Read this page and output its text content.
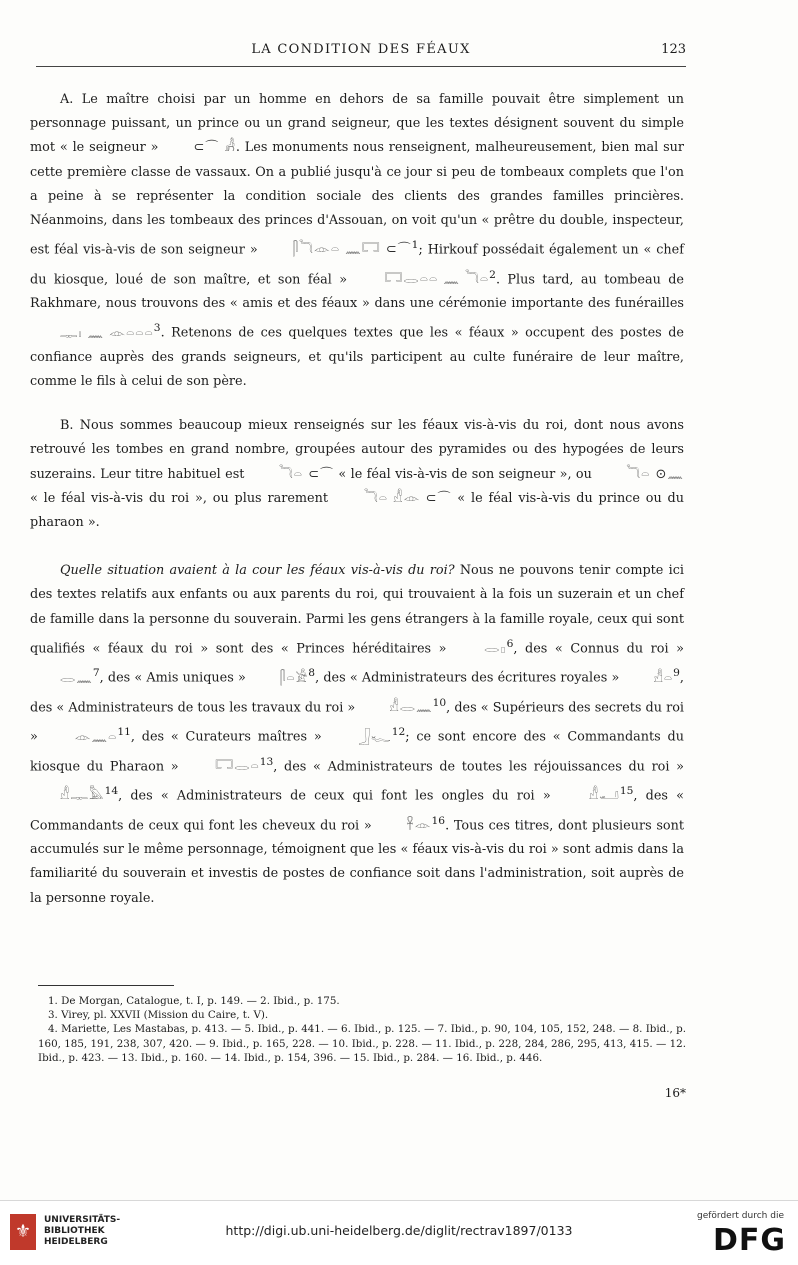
LA CONDITION DES FÉAUX	123

A. Le maître choisi par un homme en dehors de sa famille pouvait être simplement un personnage puissant, un prince ou un grand seigneur, que les textes désignent souvent du simple mot « le seigneur » ⊂⌒ 𓀻. Les monuments nous renseignent, malheureusement, bien mal sur cette première classe de vassaux. On a publié jusqu'à ce jour si peu de tombeaux complets que l'on a peine à se représenter la condition sociale des clients des grandes familles princières. Néanmoins, dans les tombeaux des princes d'Assouan, on voit qu'un « prêtre du double, inspecteur, est féal vis-à-vis de son seigneur » 𓋴𓆓𓁹𓏏 𓈖𓉐 ⊂⌒$^1$; Hirkouf possédait également un « chef du kiosque, loué de son maître, et son féal » 𓉐𓂋𓏏𓏏 𓈖 𓆓𓏏$^2$. Plus tard, au tombeau de Rakhmare, nous trouvons des « amis et des féaux » dans une cérémonie importante des funérailles 𓊃𓏤 𓈖 𓁹𓏏𓏏𓏏$^3$. Retenons de ces quelques textes que les « féaux » occupent des postes de confiance auprès des grands seigneurs, et qu'ils participent au culte funéraire de leur maître, comme le fils à celui de son père.

B. Nous sommes beaucoup mieux renseignés sur les féaux vis-à-vis du roi, dont nous avons retrouvé les tombes en grand nombre, groupées autour des pyramides ou des hypogées de leurs suzerains. Leur titre habituel est 𓆓𓏏 ⊂⌒ « le féal vis-à-vis de son seigneur », ou 𓆓𓏏 ⊙𓈖 « le féal vis-à-vis du roi », ou plus rarement 𓆓𓏏 𓀭𓁹 ⊂⌒ « le féal vis-à-vis du prince ou du pharaon ».

Quelle situation avaient à la cour les féaux vis-à-vis du roi? Nous ne pouvons tenir compte ici des textes relatifs aux enfants ou aux parents du roi, qui trouvaient à la fois un suzerain et un chef de famille dans la personne du souverain. Parmi les gens étrangers à la famille royale, ceux qui sont qualifiés « féaux du roi » sont des « Princes héréditaires » 𓂋𓊪$^6$, des « Connus du roi » 𓂋𓈖$^7$, des « Amis uniques » 𓋴𓏏𓀀$^8$, des « Administrateurs des écritures royales » 𓀭𓏏$^9$, des « Administrateurs de tous les travaux du roi » 𓀭𓂋𓈖$^{10}$, des « Supérieurs des secrets du roi » 𓁹𓈖𓏏$^{11}$, des « Curateurs maîtres » 𓃀𓆑$^{12}$; ce sont encore des « Commandants du kiosque du Pharaon » 𓉐𓂋𓏏$^{13}$, des « Administrateurs de toutes les réjouissances du roi » 𓀭𓊃𓅓$^{14}$, des « Administrateurs de ceux qui font les ongles du roi » 𓀭𓂝$^{15}$, des « Commandants de ceux qui font les cheveux du roi » 𓋹𓁹$^{16}$. Tous ces titres, dont plusieurs sont accumulés sur le même personnage, témoignent que les « féaux vis-à-vis du roi » sont admis dans la familiarité du souverain et investis de postes de confiance soit dans l'administration, soit auprès de la personne royale.

1. De Morgan, Catalogue, t. I, p. 149. — 2. Ibid., p. 175.

3. Virey, pl. XXVII (Mission du Caire, t. V).

4. Mariette, Les Mastabas, p. 413. — 5. Ibid., p. 441. — 6. Ibid., p. 125. — 7. Ibid., p. 90, 104, 105, 152, 248. — 8. Ibid., p. 160, 185, 191, 238, 307, 420. — 9. Ibid., p. 165, 228. — 10. Ibid., p. 228. — 11. Ibid., p. 228, 284, 286, 295, 413, 415. — 12. Ibid., p. 423. — 13. Ibid., p. 160. — 14. Ibid., p. 154, 396. — 15. Ibid., p. 284. — 16. Ibid., p. 446.

16*
⚜
UNIVERSITÄTS-
BIBLIOTHEK
HEIDELBERG
http://digi.ub.uni-heidelberg.de/diglit/rectrav1897/0133
gefördert durch die
DFG
